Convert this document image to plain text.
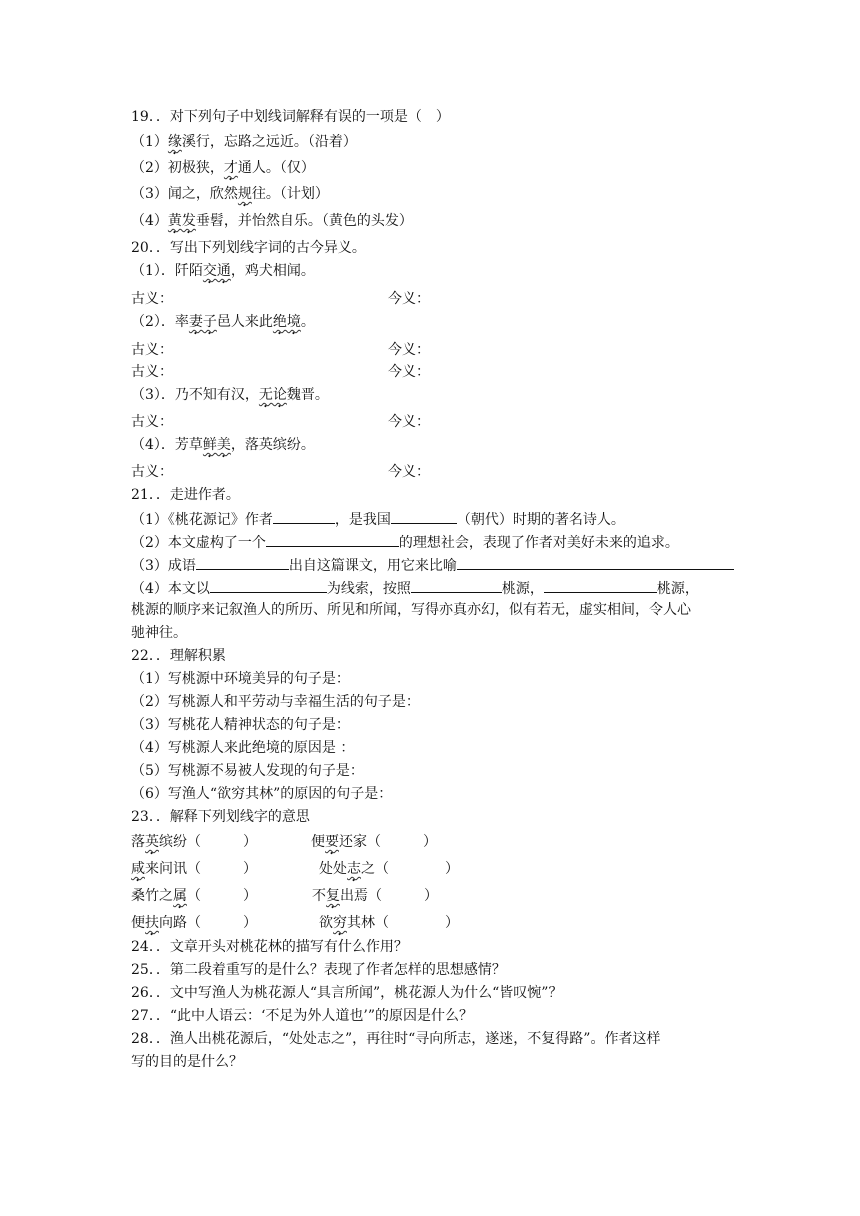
19．．对下列句子中划线词解释有误的一项是（　）
（1）缘溪行，忘路之远近。（沿着）
（2）初极狭，才通人。（仅）
（3）闻之，欣然规往。（计划）
（4）黄发垂髫，并怡然自乐。（黄色的头发）
20．．写出下列划线字词的古今异义。
（1）．阡陌交通，鸡犬相闻。
古义：	今义：
（2）．率妻子邑人来此绝境。
古义：	今义：
古义：	今义：
（3）．乃不知有汉，无论魏晋。
古义：	今义：
（4）．芳草鲜美，落英缤纷。
古义：	今义：
21．．走进作者。
（1）《桃花源记》作者	，是我国	（朝代）时期的著名诗人。
（2）本文虚构了一个	的理想社会，表现了作者对美好未来的追求。
（3）成语	出自这篇课文，用它来比喻
（4）本文以	为线索，按照	桃源，	桃源，
桃源的顺序来记叙渔人的所历、所见和所闻，写得亦真亦幻，似有若无，虚实相间，令人心
驰神往。
22．．理解积累
（1）写桃源中环境美异的句子是：
（2）写桃源人和平劳动与幸福生活的句子是：
（3）写桃花人精神状态的句子是：
（4）写桃源人来此绝境的原因是 ：
（5）写桃源不易被人发现的句子是：
（6）写渔人“欲穷其林”的原因的句子是：
23．．解释下列划线字的意思
落英缤纷（　　　）	便要还家（　　　）
咸来问讯（　　　）	处处志之（　　　　）
桑竹之属（　　　）	不复出焉（　　　）
便扶向路（　　　）	欲穷其林（　　　　）
24．．文章开头对桃花林的描写有什么作用？
25．．第二段着重写的是什么？表现了作者怎样的思想感情？
26．．文中写渔人为桃花源人“具言所闻”，桃花源人为什么“皆叹惋”？
27．．“此中人语云：‘不足为外人道也’”的原因是什么？
28．．渔人出桃花源后，“处处志之”，再往时“寻向所志，遂迷，不复得路”。作者这样
写的目的是什么？
